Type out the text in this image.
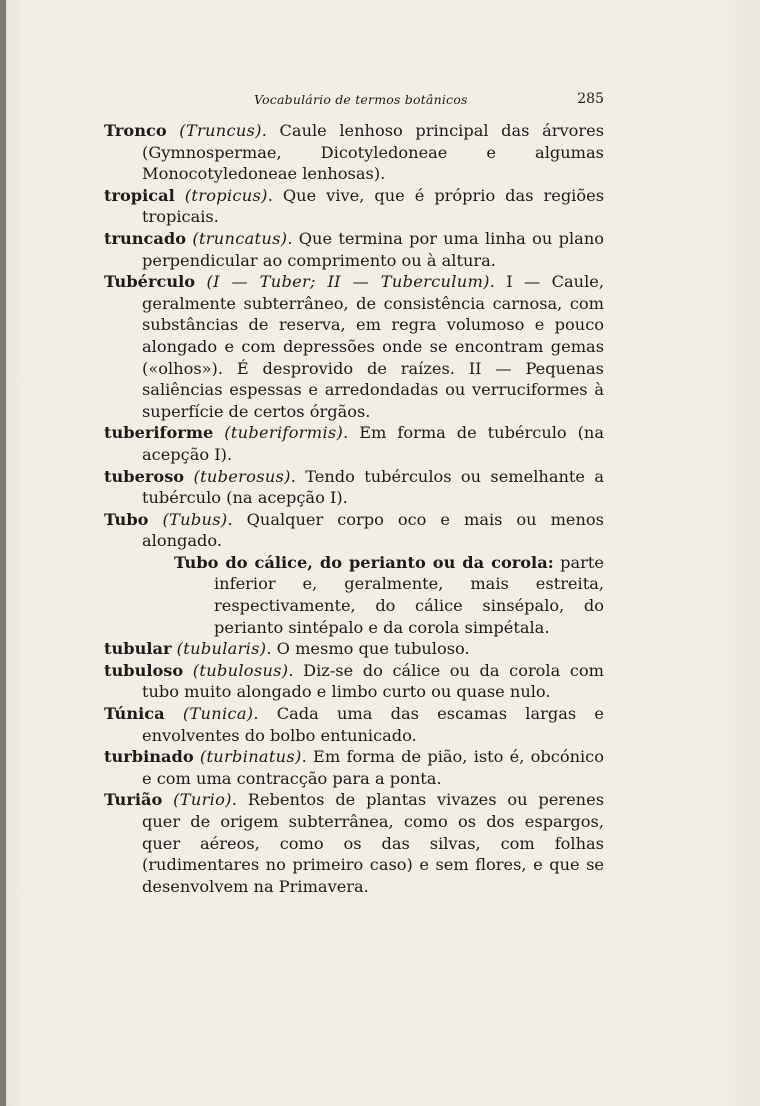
Vocabulário de termos botânicos	285

Tronco (Truncus). Caule lenhoso principal das árvores (Gymnospermae, Dicotyledoneae e algumas Monocotyledoneae lenhosas).

tropical (tropicus). Que vive, que é próprio das regiões tropicais.

truncado (truncatus). Que termina por uma linha ou plano perpendicular ao comprimento ou à altura.

Tubérculo (I — Tuber; II — Tuberculum). I — Caule, geralmente subterrâneo, de consistência carnosa, com substâncias de reserva, em regra volumoso e pouco alongado e com depressões onde se encontram gemas («olhos»). É desprovido de raízes. II — Pequenas saliências espessas e arredondadas ou verruciformes à superfície de certos órgãos.

tuberiforme (tuberiformis). Em forma de tubérculo (na acepção I).

tuberoso (tuberosus). Tendo tubérculos ou semelhante a tubérculo (na acepção I).

Tubo (Tubus). Qualquer corpo oco e mais ou menos alongado.

Tubo do cálice, do perianto ou da corola: parte inferior e, geralmente, mais estreita, respectivamente, do cálice sinsépalo, do perianto sintépalo e da corola simpétala.

tubular (tubularis). O mesmo que tubuloso.

tubuloso (tubulosus). Diz-se do cálice ou da corola com tubo muito alongado e limbo curto ou quase nulo.

Túnica (Tunica). Cada uma das escamas largas e envolventes do bolbo entunicado.

turbinado (turbinatus). Em forma de pião, isto é, obcónico e com uma contracção para a ponta.

Turião (Turio). Rebentos de plantas vivazes ou perenes quer de origem subterrânea, como os dos espargos, quer aéreos, como os das silvas, com folhas (rudimentares no primeiro caso) e sem flores, e que se desenvolvem na Primavera.
